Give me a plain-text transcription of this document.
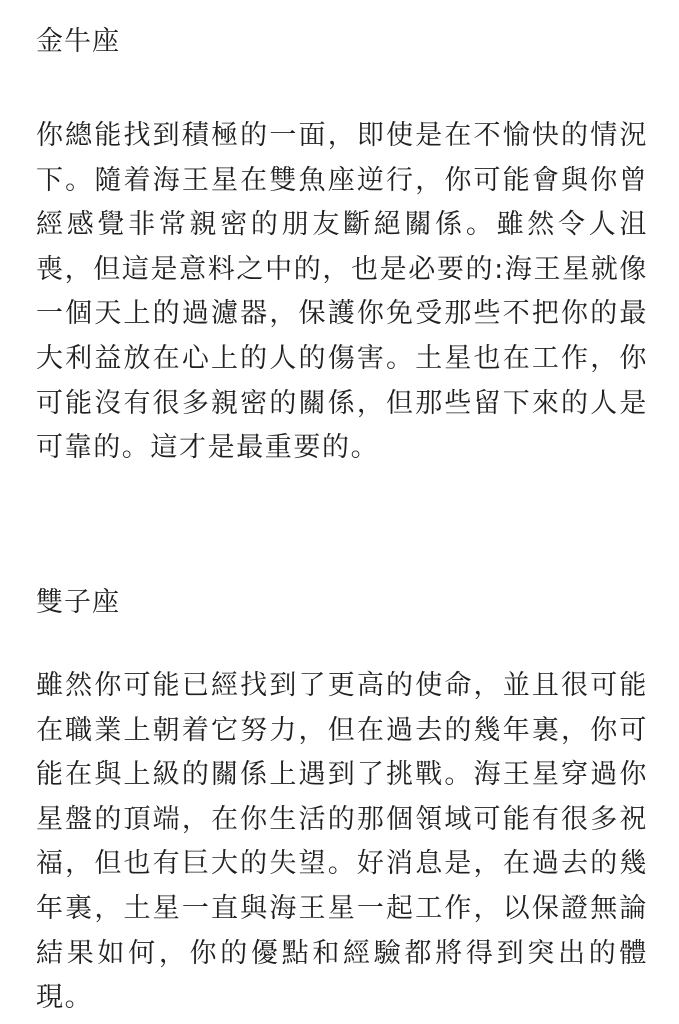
金牛座

你總能找到積極的一面，即使是在不愉快的情況下。隨着海王星在雙魚座逆行，你可能會與你曾經感覺非常親密的朋友斷絕關係。雖然令人沮喪，但這是意料之中的，也是必要的:海王星就像一個天上的過濾器，保護你免受那些不把你的最大利益放在心上的人的傷害。土星也在工作，你可能沒有很多親密的關係，但那些留下來的人是可靠的。這才是最重要的。

雙子座

雖然你可能已經找到了更高的使命，並且很可能在職業上朝着它努力，但在過去的幾年裏，你可能在與上級的關係上遇到了挑戰。海王星穿過你星盤的頂端，在你生活的那個領域可能有很多祝福，但也有巨大的失望。好消息是，在過去的幾年裏，土星一直與海王星一起工作，以保證無論結果如何，你的優點和經驗都將得到突出的體現。
